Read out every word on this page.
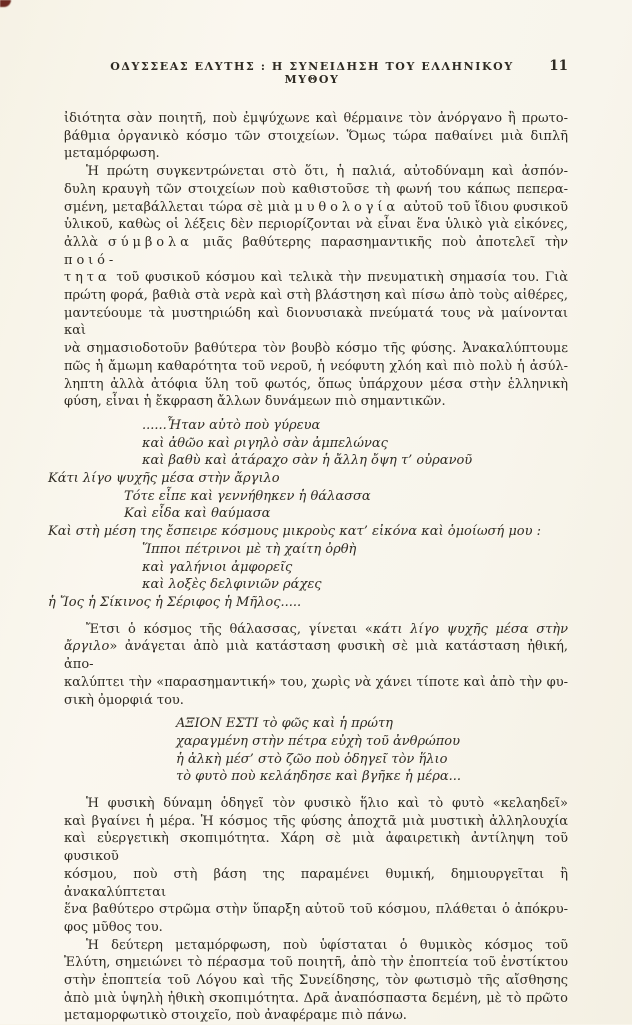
ΟΔΥΣΣΕΑΣ ΕΛΥΤΗΣ : Η ΣΥΝΕΙΔΗΣΗ ΤΟΥ ΕΛΛΗΝΙΚΟΥ ΜΥΘΟΥ
11
ἰδιότητα σὰν ποιητῆ, ποὺ ἐμψύχωνε καὶ θέρμαινε τὸν ἀνόργανο ἢ πρωτο-
βάθμια ὀργανικὸ κόσμο τῶν στοιχείων. Ὅμως τώρα παθαίνει μιὰ διπλῆ
μεταμόρφωση.
Ἡ πρώτη συγκεντρώνεται στὸ ὅτι, ἡ παλιά, αὐτοδύναμη καὶ ἀσπόν-
δυλη κραυγὴ τῶν στοιχείων ποὺ καθιστοῦσε τὴ φωνή του κάπως πεπερα-
σμένη, μεταβάλλεται τώρα σὲ μιὰ μυθολογία αὐτοῦ τοῦ ἴδιου φυσικοῦ
ὑλικοῦ, καθὼς οἱ λέξεις δὲν περιορίζονται νὰ εἶναι ἕνα ὑλικὸ γιὰ εἰκόνες,
ἀλλὰ σύμβολα μιᾶς βαθύτερης παρασημαντικῆς ποὺ ἀποτελεῖ τὴν ποιό-
τητα τοῦ φυσικοῦ κόσμου καὶ τελικὰ τὴν πνευματικὴ σημασία του. Γιὰ
πρώτη φορά, βαθιὰ στὰ νερὰ καὶ στὴ βλάστηση καὶ πίσω ἀπὸ τοὺς αἰθέρες,
μαντεύουμε τὰ μυστηριώδη καὶ διονυσιακὰ πνεύματά τους νὰ μαίνονται καὶ
νὰ σημασιοδοτοῦν βαθύτερα τὸν βουβὸ κόσμο τῆς φύσης. Ἀνακαλύπτουμε
πῶς ἡ ἄμωμη καθαρότητα τοῦ νεροῦ, ἡ νεόφυτη χλόη καὶ πιὸ πολὺ ἡ ἀσύλ-
ληπτη ἀλλὰ ἀτόφια ὕλη τοῦ φωτός, ὅπως ὑπάρχουν μέσα στὴν ἑλληνικὴ
φύση, εἶναι ἡ ἔκφραση ἄλλων δυνάμεων πιὸ σημαντικῶν.
......Ἦταν αὐτὸ ποὺ γύρευα
καὶ ἀθῶο καὶ ριγηλὸ σὰν ἀμπελώνας
καὶ βαθὺ καὶ ἀτάραχο σὰν ἡ ἄλλη ὄψη τ’ οὐρανοῦ
Κάτι λίγο ψυχῆς μέσα στὴν ἄργιλο
Τότε εἶπε καὶ γεννήθηκεν ἡ θάλασσα
Καὶ εἶδα καὶ θαύμασα
Καὶ στὴ μέση της ἔσπειρε κόσμους μικροὺς κατ’ εἰκόνα καὶ ὁμοίωσή μου :
Ἵπποι πέτρινοι μὲ τὴ χαίτη ὀρθὴ
καὶ γαλήνιοι ἀμφορεῖς
καὶ λοξὲς δελφινιῶν ράχες
ἡ Ἴος ἡ Σίκινος ἡ Σέριφος ἡ Μῆλος.....
Ἔτσι ὁ κόσμος τῆς θάλασσας, γίνεται «κάτι λίγο ψυχῆς μέσα στὴν
ἄργιλο» ἀνάγεται ἀπὸ μιὰ κατάσταση φυσικὴ σὲ μιὰ κατάσταση ἠθική, ἀπο-
καλύπτει τὴν «παρασημαντική» του, χωρὶς νὰ χάνει τίποτε καὶ ἀπὸ τὴν φυ-
σικὴ ὀμορφιά του.
ΑΞΙΟΝ ΕΣΤΙ τὸ φῶς καὶ ἡ πρώτη
χαραγμένη στὴν πέτρα εὐχὴ τοῦ ἀνθρώπου
ἡ ἀλκὴ μέσ’ στὸ ζῶο ποὺ ὁδηγεῖ τὸν ἥλιο
τὸ φυτὸ ποὺ κελάηδησε καὶ βγῆκε ἡ μέρα...
Ἡ φυσικὴ δύναμη ὁδηγεῖ τὸν φυσικὸ ἥλιο καὶ τὸ φυτὸ «κελαηδεῖ»
καὶ βγαίνει ἡ μέρα. Ἡ κόσμος τῆς φύσης ἀποχτᾶ μιὰ μυστικὴ ἀλληλουχία
καὶ εὐεργετικὴ σκοπιμότητα. Χάρη σὲ μιὰ ἀφαιρετικὴ ἀντίληψη τοῦ φυσικοῦ
κόσμου, ποὺ στὴ βάση της παραμένει θυμική, δημιουργεῖται ἢ ἀνακαλύπτεται
ἕνα βαθύτερο στρῶμα στὴν ὕπαρξη αὐτοῦ τοῦ κόσμου, πλάθεται ὁ ἀπόκρυ-
φος μῦθος του.
Ἡ δεύτερη μεταμόρφωση, ποὺ ὑφίσταται ὁ θυμικὸς κόσμος τοῦ
Ἐλύτη, σημειώνει τὸ πέρασμα τοῦ ποιητῆ, ἀπὸ τὴν ἐποπτεία τοῦ ἐνστίκτου
στὴν ἐποπτεία τοῦ Λόγου καὶ τῆς Συνείδησης, τὸν φωτισμὸ τῆς αἴσθησης
ἀπὸ μιὰ ὑψηλὴ ἠθικὴ σκοπιμότητα. Δρᾶ ἀναπόσπαστα δεμένη, μὲ τὸ πρῶτο
μεταμορφωτικὸ στοιχεῖο, ποὺ ἀναφέραμε πιὸ πάνω.
